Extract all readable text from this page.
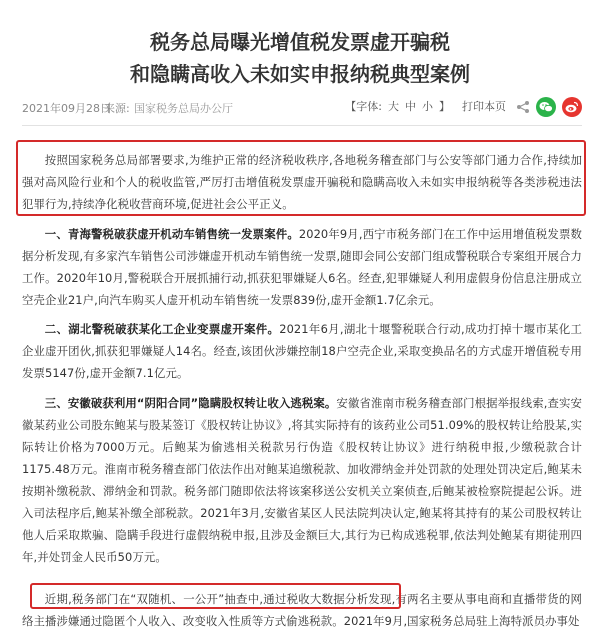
税务总局曝光增值税发票虚开骗税
和隐瞒高收入未如实申报纳税典型案例
2021年09月28日
来源: 国家税务总局办公厅	【字体: 大 中 小 】 打印本页

按照国家税务总局部署要求,为维护正常的经济税收秩序,各地税务稽查部门与公安等部门通力合作,持续加强对高风险行业和个人的税收监管,严厉打击增值税发票虚开骗税和隐瞒高收入未如实申报纳税等各类涉税违法犯罪行为,持续净化税收营商环境,促进社会公平正义。

一、青海警税破获虚开机动车销售统一发票案件。2020年9月,西宁市税务部门在工作中运用增值税发票数据分析发现,有多家汽车销售公司涉嫌虚开机动车销售统一发票,随即会同公安部门组成警税联合专案组开展合力工作。2020年10月,警税联合开展抓捕行动,抓获犯罪嫌疑人6名。经查,犯罪嫌疑人利用虚假身份信息注册成立空壳企业21户,向汽车购买人虚开机动车销售统一发票839份,虚开金额1.7亿余元。

二、湖北警税破获某化工企业变票虚开案件。2021年6月,湖北十堰警税联合行动,成功打掉十堰市某化工企业虚开团伙,抓获犯罪嫌疑人14名。经查,该团伙涉嫌控制18户空壳企业,采取变换品名的方式虚开增值税专用发票5147份,虚开金额7.1亿元。

三、安徽破获利用“阴阳合同”隐瞒股权转让收入逃税案。安徽省淮南市税务稽查部门根据举报线索,查实安徽某药业公司股东鲍某与股某签订《股权转让协议》,将其实际持有的该药业公司51.09%的股权转让给股某,实际转让价格为7000万元。后鲍某为偷逃相关税款另行伪造《股权转让协议》进行纳税申报,少缴税款合计1175.48万元。淮南市税务稽查部门依法作出对鲍某追缴税款、加收滞纳金并处罚款的处理处罚决定后,鲍某未按期补缴税款、滞纳金和罚款。税务部门随即依法将该案移送公安机关立案侦查,后鲍某被检察院提起公诉。进入司法程序后,鲍某补缴全部税款。2021年3月,安徽省某区人民法院判决认定,鲍某将其持有的某公司股权转让他人后采取欺骗、隐瞒手段进行虚假纳税申报,且涉及金额巨大,其行为已构成逃税罪,依法判处鲍某有期徒刑四年,并处罚金人民币50万元。

近期,税务部门在“双随机、一公开”抽查中,通过税收大数据分析发现,有两名主要从事电商和直播带货的网络主播涉嫌通过隐匿个人收入、改变收入性质等方式偷逃税款。2021年9月,国家税务总局驻上海特派员办事处
